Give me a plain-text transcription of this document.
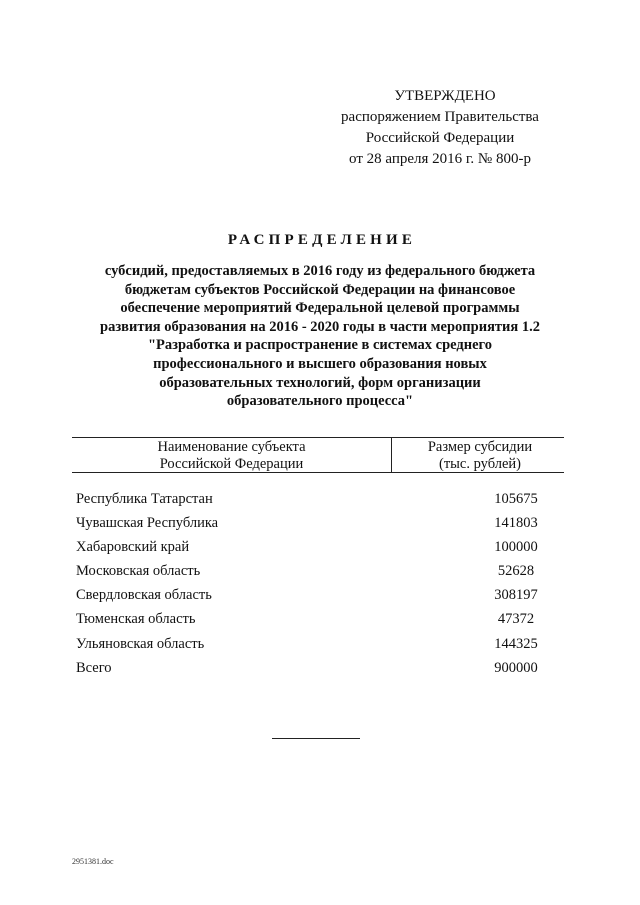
УТВЕРЖДЕНО
распоряжением Правительства
Российской Федерации
от 28 апреля 2016 г. № 800-р
РАСПРЕДЕЛЕНИЕ
субсидий, предоставляемых в 2016 году из федерального бюджета
бюджетам субъектов Российской Федерации на финансовое
обеспечение мероприятий Федеральной целевой программы
развития образования на 2016 - 2020 годы в части мероприятия 1.2
"Разработка и распространение в системах среднего
профессионального и высшего образования новых
образовательных технологий, форм организации
образовательного процесса"
Наименование субъекта
Российской Федерации
Размер субсидии
(тыс. рублей)
Республика Татарстан	105675
Чувашская Республика	141803
Хабаровский край	100000
Московская область	52628
Свердловская область	308197
Тюменская область	47372
Ульяновская область	144325
Всего	900000
2951381.doc
